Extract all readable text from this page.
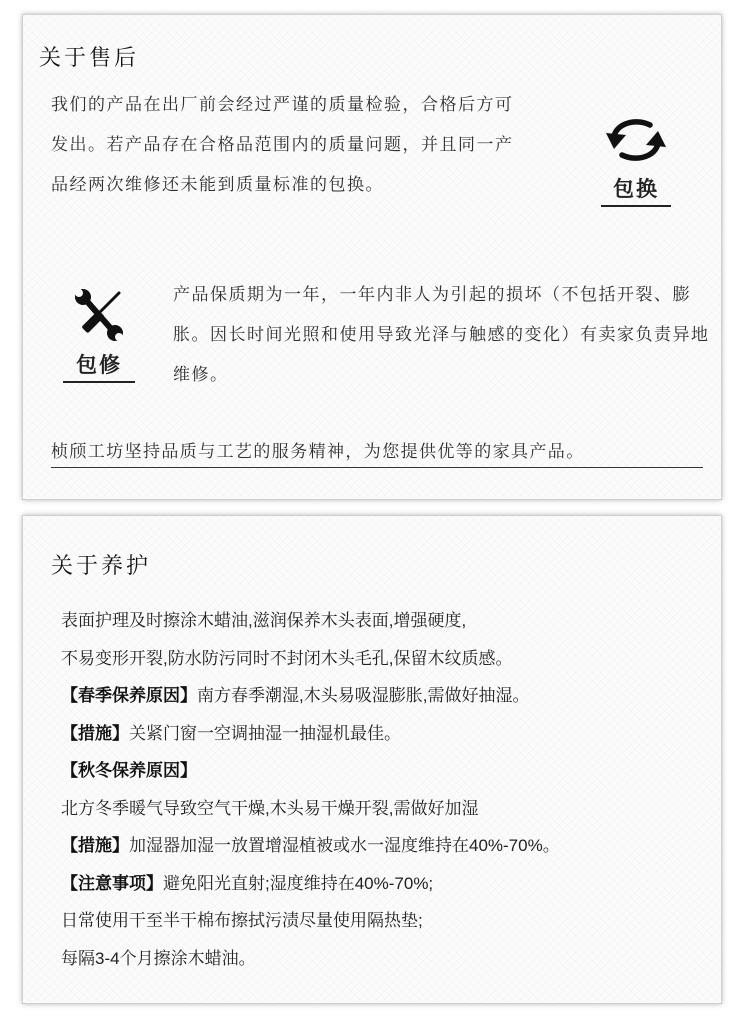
关于售后

我们的产品在出厂前会经过严谨的质量检验，合格后方可发出。若产品存在合格品范围内的质量问题，并且同一产品经两次维修还未能到质量标准的包换。	包换

产品保质期为一年，一年内非人为引起的损坏（不包括开裂、膨胀。因长时间光照和使用导致光泽与触感的变化）有卖家负责异地维修。

包修

桢颀工坊坚持品质与工艺的服务精神，为您提供优等的家具产品。

关于养护
表面护理及时擦涂木蜡油,滋润保养木头表面,增强硬度,
不易变形开裂,防水防污同时不封闭木头毛孔,保留木纹质感。
【春季保养原因】南方春季潮湿,木头易吸湿膨胀,需做好抽湿。
【措施】关紧门窗一空调抽湿一抽湿机最佳。
【秋冬保养原因】
北方冬季暖气导致空气干燥,木头易干燥开裂,需做好加湿
【措施】加湿器加湿一放置增湿植被或水一湿度维持在40%-70%。
【注意事项】避免阳光直射;湿度维持在40%-70%;
日常使用干至半干棉布擦拭污渍尽量使用隔热垫;
每隔3-4个月擦涂木蜡油。
